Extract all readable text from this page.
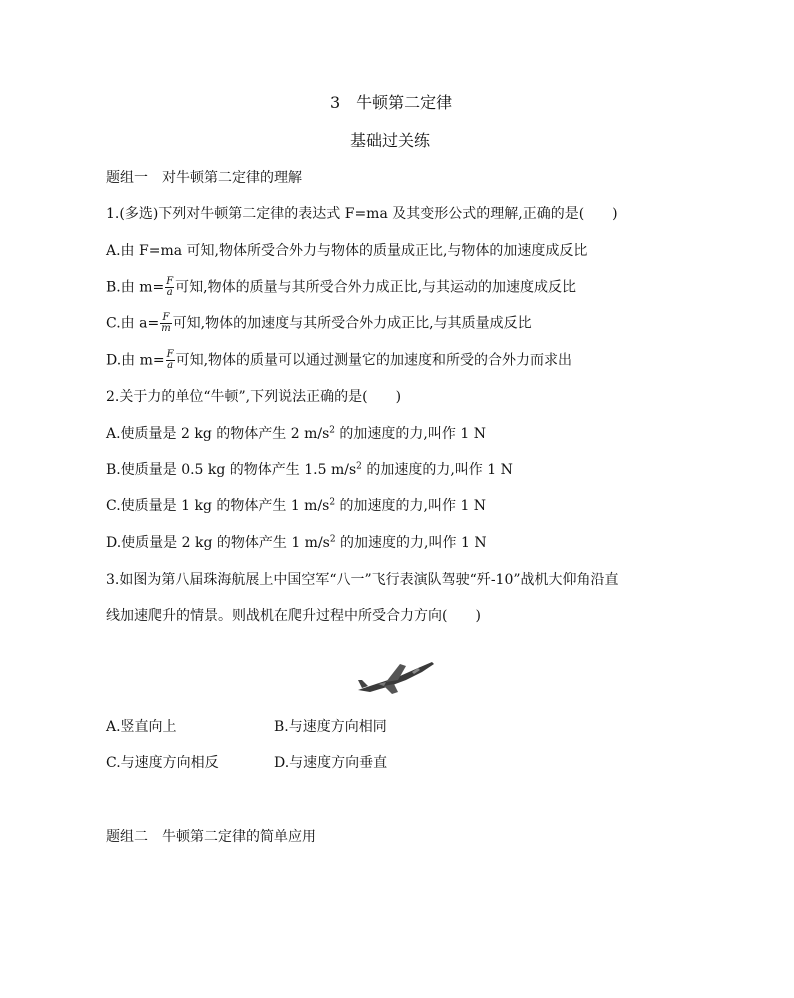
3　牛顿第二定律
基础过关练
题组一　对牛顿第二定律的理解
1.(多选)下列对牛顿第二定律的表达式 F=ma 及其变形公式的理解,正确的是(　　)
A.由 F=ma 可知,物体所受合外力与物体的质量成正比,与物体的加速度成反比
B.由 $m= \frac{F}{a}$ 可知,物体的质量与其所受合外力成正比,与其运动的加速度成反比
C.由 $a= \frac{F}{m}$ 可知,物体的加速度与其所受合外力成正比,与其质量成反比
D.由 $m= \frac{F}{a}$ 可知,物体的质量可以通过测量它的加速度和所受的合外力而求出
2.关于力的单位“牛顿”,下列说法正确的是(　　)
A.使质量是 2 kg 的物体产生 2 $m/s^2$ 的加速度的力,叫作 1 N
B.使质量是 0.5 kg 的物体产生 1.5 $m/s^2$ 的加速度的力,叫作 1 N
C.使质量是 1 kg 的物体产生 1 $m/s^2$ 的加速度的力,叫作 1 N
D.使质量是 2 kg 的物体产生 1 $m/s^2$ 的加速度的力,叫作 1 N
3.如图为第八届珠海航展上中国空军“八一”飞行表演队驾驶“歼-10”战机大仰角沿直
线加速爬升的情景。则战机在爬升过程中所受合力方向(　　)
A.竖直向上	B.与速度方向相同
C.与速度方向相反	D.与速度方向垂直
题组二　牛顿第二定律的简单应用
